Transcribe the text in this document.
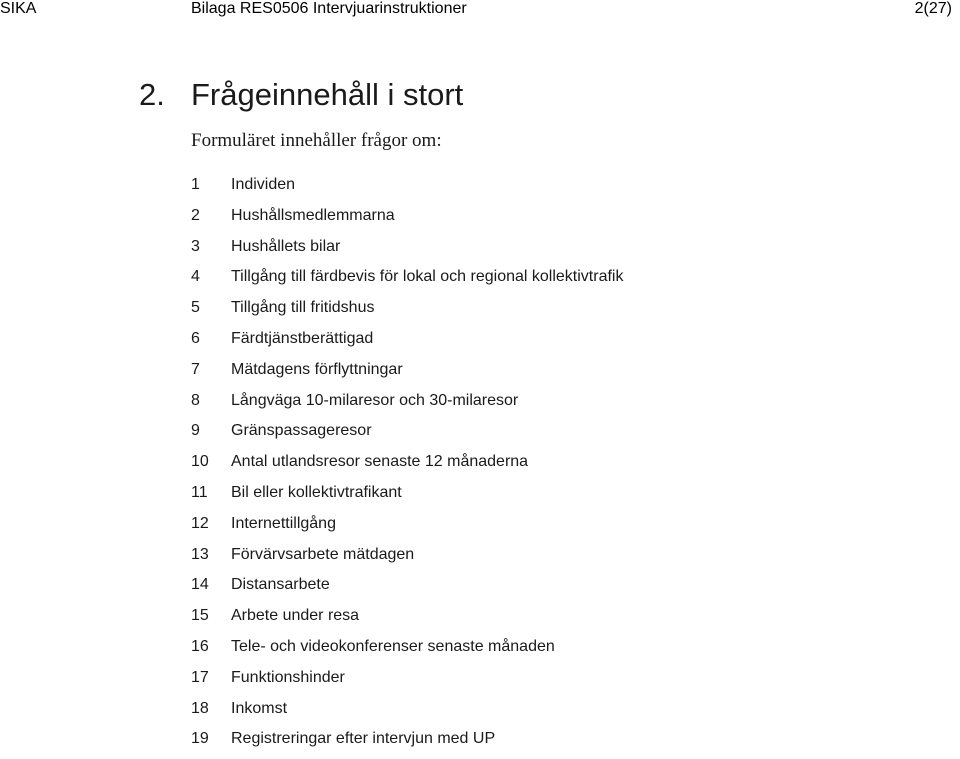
SIKA	Bilaga RES0506 Intervjuarinstruktioner	2(27)
2. Frågeinnehåll i stort
Formuläret innehåller frågor om:
1	Individen
2	Hushållsmedlemmarna
3	Hushållets bilar
4	Tillgång till färdbevis för lokal och regional kollektivtrafik
5	Tillgång till fritidshus
6	Färdtjänstberättigad
7	Mätdagens förflyttningar
8	Långväga 10-milaresor och 30-milaresor
9	Gränspassageresor
10	Antal utlandsresor senaste 12 månaderna
11	Bil eller kollektivtrafikant
12	Internettillgång
13	Förvärvsarbete mätdagen
14	Distansarbete
15	Arbete under resa
16	Tele- och videokonferenser senaste månaden
17	Funktionshinder
18	Inkomst
19	Registreringar efter intervjun med UP
